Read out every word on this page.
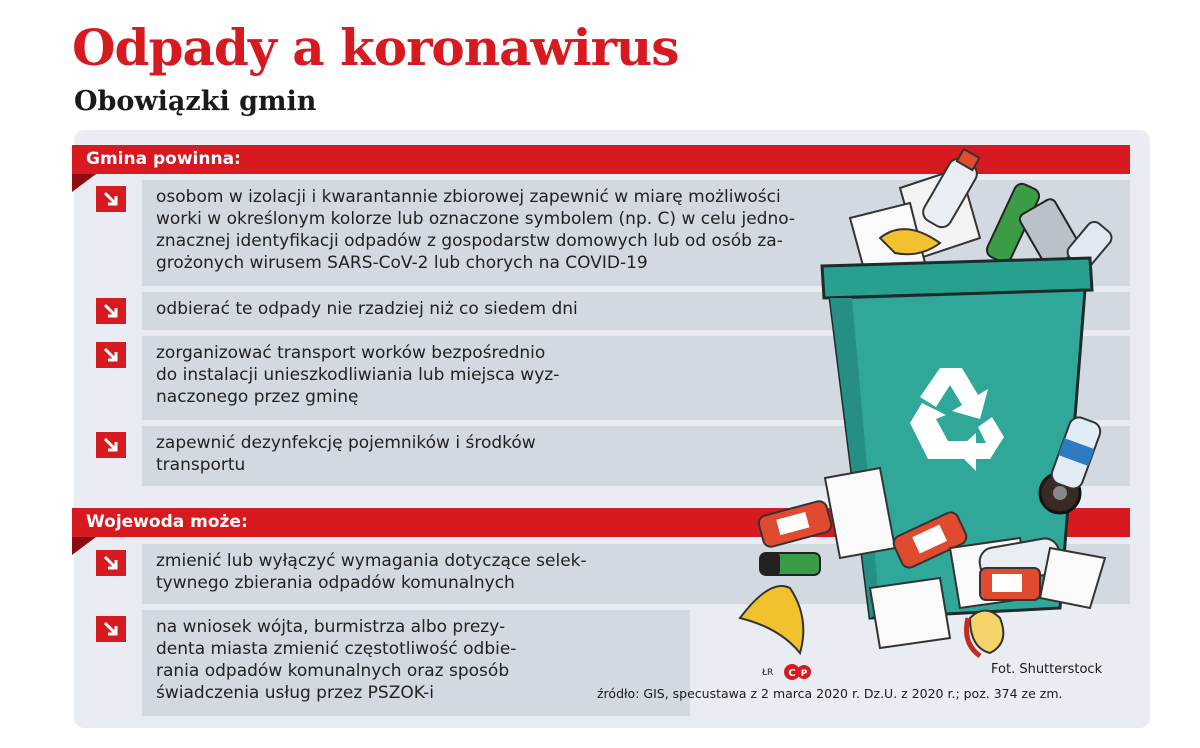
Odpady a koronawirus
Obowiązki gmin
Gmina powinna:
osobom w izolacji i kwarantannie zbiorowej zapewnić w miarę możliwości
worki w określonym kolorze lub oznaczone symbolem (np. C) w celu jedno-
znacznej identyfikacji odpadów z gospodarstw domowych lub od osób za-
grożonych wirusem SARS-CoV-2 lub chorych na COVID-19
odbierać te odpady nie rzadziej niż co siedem dni
zorganizować transport worków bezpośrednio
do instalacji unieszkodliwiania lub miejsca wyz-
naczonego przez gminę
zapewnić dezynfekcję pojemników i środków
transportu
Wojewoda może:
zmienić lub wyłączyć wymagania dotyczące selek-
tywnego zbierania odpadów komunalnych
na wniosek wójta, burmistrza albo prezy-
denta miasta zmienić częstotliwość odbie-
rania odpadów komunalnych oraz sposób
świadczenia usług przez PSZOK-i
C P
ŁR	Fot. Shutterstock
źródło: GIS, specustawa z 2 marca 2020 r. Dz.U. z 2020 r.; poz. 374 ze zm.
